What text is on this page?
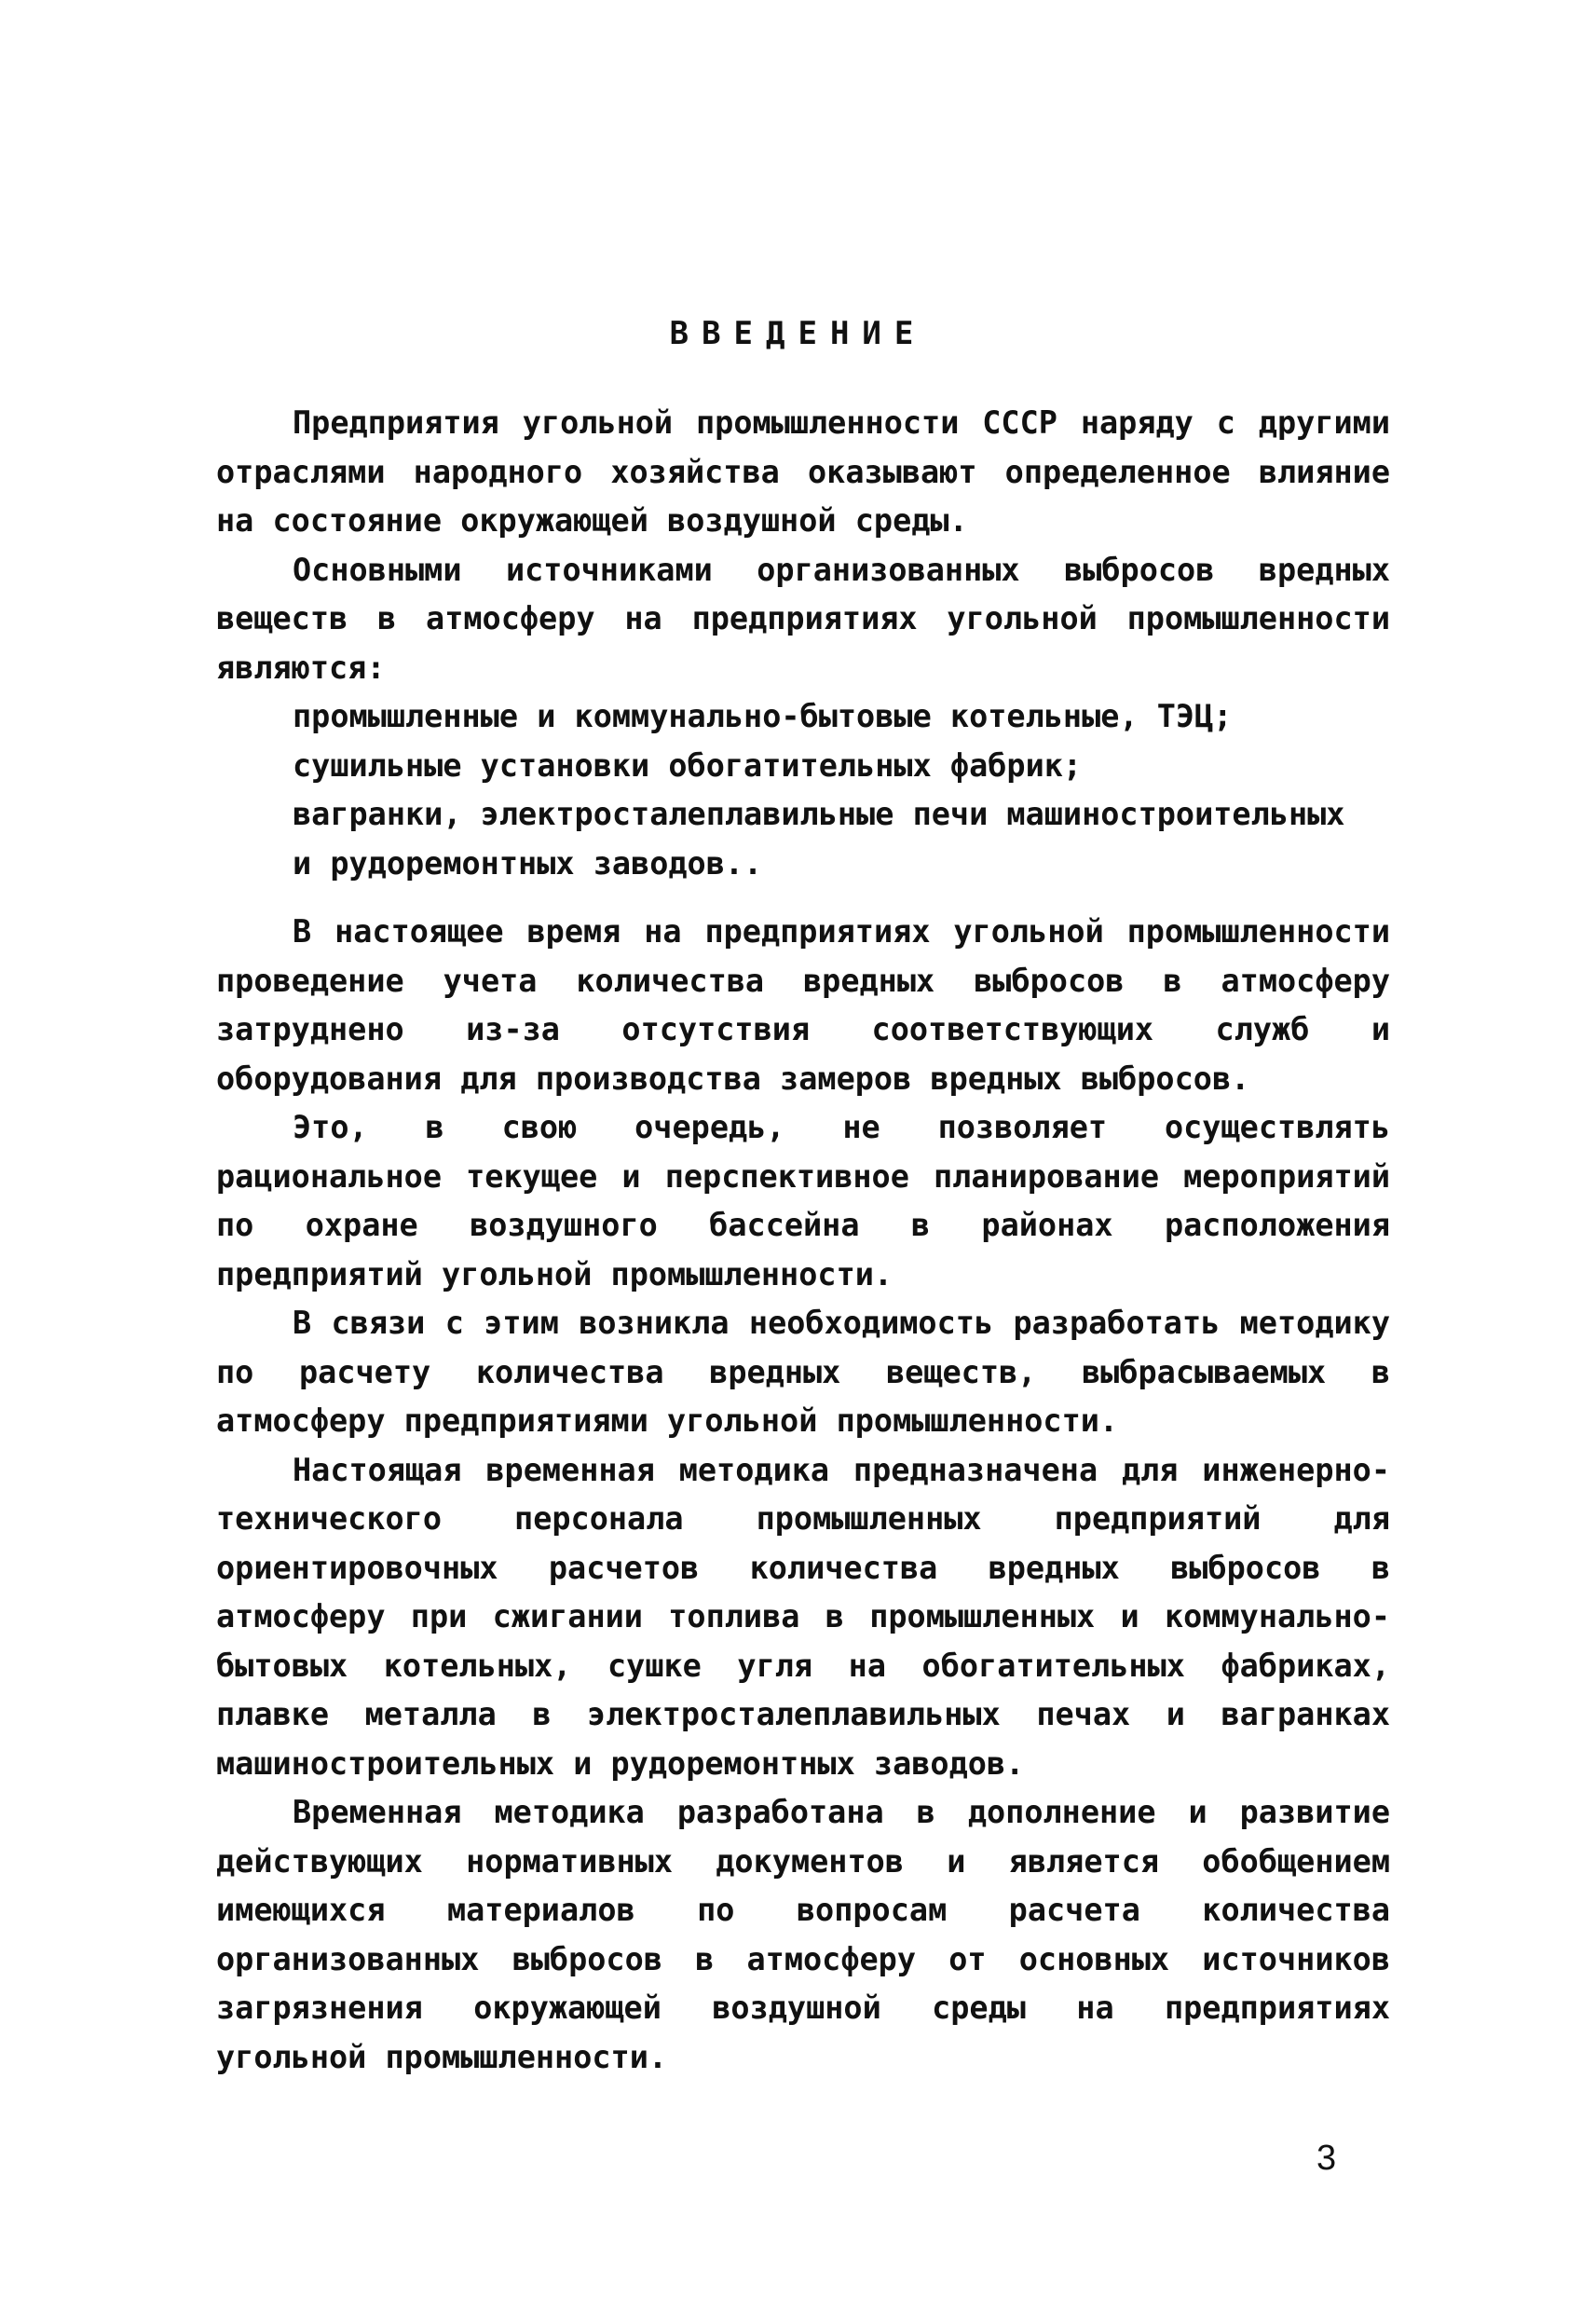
ВВЕДЕНИЕ

Предприятия угольной промышленности СССР наряду с другими отраслями народного хозяйства оказывают определенное влияние на состояние окружающей воздушной среды.

Основными источниками организованных выбросов вредных веществ в атмосферу на предприятиях угольной промышленности являются:

промышленные и коммунально-бытовые котельные, ТЭЦ;
сушильные установки обогатительных фабрик;
вагранки, электросталеплавильные печи машиностроительных
и рудоремонтных заводов..

В настоящее время на предприятиях угольной промышленности проведение учета количества вредных выбросов в атмосферу затруднено из-за отсутствия соответствующих служб и оборудования для производства замеров вредных выбросов.

Это, в свою очередь, не позволяет осуществлять рациональное текущее и перспективное планирование мероприятий по охране воздушного бассейна в районах расположения предприятий угольной промышленности.

В связи с этим возникла необходимость разработать методику по расчету количества вредных веществ, выбрасываемых в атмосферу предприятиями угольной промышленности.

Настоящая временная методика предназначена для инженерно-технического персонала промышленных предприятий для ориентировочных расчетов количества вредных выбросов в атмосферу при сжигании топлива в промышленных и коммунально-бытовых котельных, сушке угля на обогатительных фабриках, плавке металла в электросталеплавильных печах и вагранках машиностроительных и рудоремонтных заводов.

Временная методика разработана в дополнение и развитие действующих нормативных документов и является обобщением имеющихся материалов по вопросам расчета количества организованных выбросов в атмосферу от основных источников загрязнения окружающей воздушной среды на предприятиях угольной промышленности.

3
